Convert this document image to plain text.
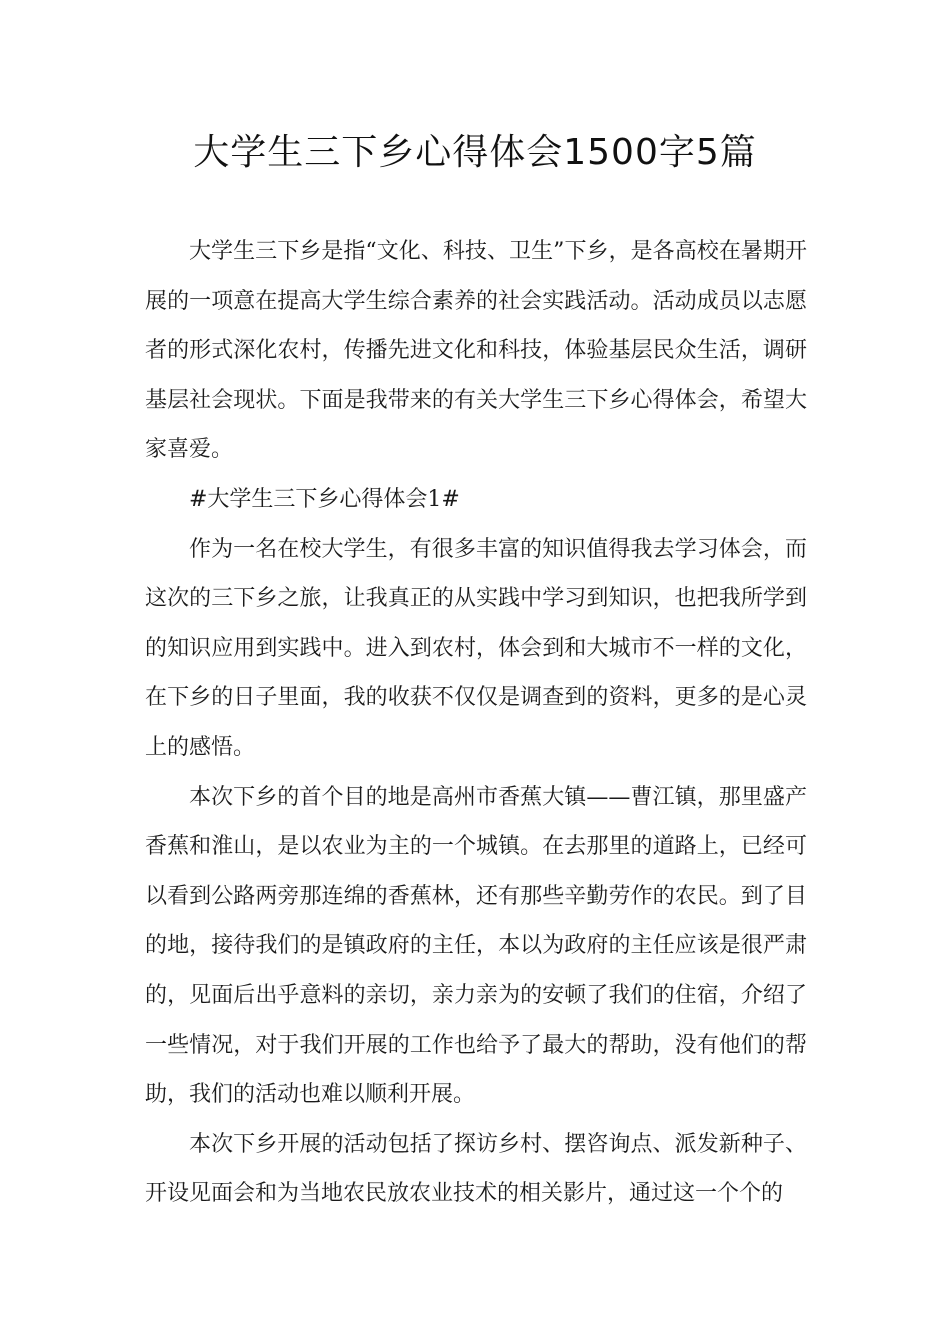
大学生三下乡心得体会1500字5篇

大学生三下乡是指“文化、科技、卫生”下乡，是各高校在暑期开展的一项意在提高大学生综合素养的社会实践活动。活动成员以志愿者的形式深化农村，传播先进文化和科技，体验基层民众生活，调研基层社会现状。下面是我带来的有关大学生三下乡心得体会，希望大家喜爱。

#大学生三下乡心得体会1#

作为一名在校大学生，有很多丰富的知识值得我去学习体会，而这次的三下乡之旅，让我真正的从实践中学习到知识，也把我所学到的知识应用到实践中。进入到农村，体会到和大城市不一样的文化，在下乡的日子里面，我的收获不仅仅是调查到的资料，更多的是心灵上的感悟。

本次下乡的首个目的地是高州市香蕉大镇——曹江镇，那里盛产香蕉和淮山，是以农业为主的一个城镇。在去那里的道路上，已经可以看到公路两旁那连绵的香蕉林，还有那些辛勤劳作的农民。到了目的地，接待我们的是镇政府的主任，本以为政府的主任应该是很严肃的，见面后出乎意料的亲切，亲力亲为的安顿了我们的住宿，介绍了一些情况，对于我们开展的工作也给予了最大的帮助，没有他们的帮助，我们的活动也难以顺利开展。

本次下乡开展的活动包括了探访乡村、摆咨询点、派发新种子、开设见面会和为当地农民放农业技术的相关影片，通过这一个个的
